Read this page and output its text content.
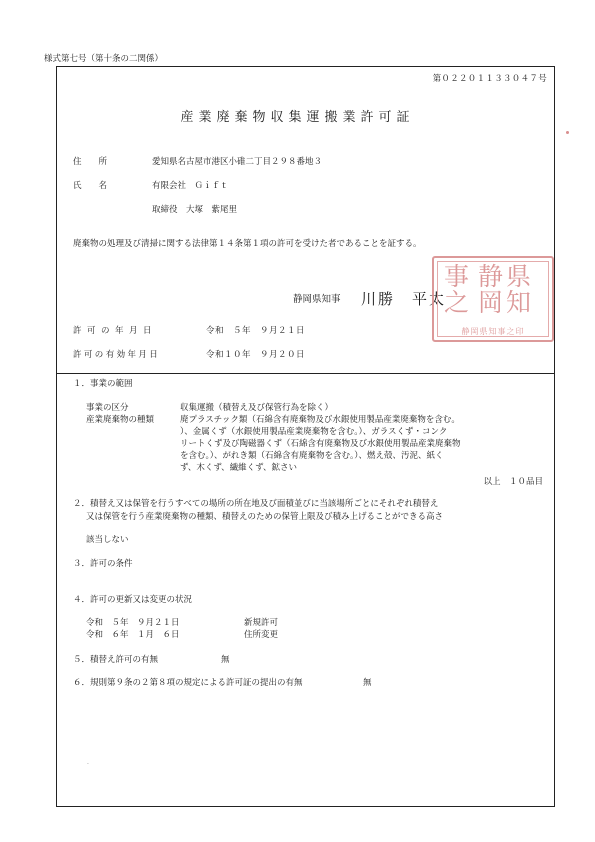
様式第七号（第十条の二関係）
第０２２０１１３３０４７号
産業廃棄物収集運搬業許可証
住　　所	愛知県名古屋市港区小碓二丁目２９８番地３
氏　　名	有限会社　Ｇｉｆｔ
取締役　大塚　紫尾里
廃棄物の処理及び清掃に関する法律第１４条第１項の許可を受けた者であることを証する。
静岡県知事 川勝　平太
静
岡
県
知
事
之
静岡県知事之印
許可の年月日	令和　５年　９月２１日
許可の有効年月日	令和１０年　９月２０日
１．事業の範囲
事業の区分	収集運搬（積替え及び保管行為を除く）
産業廃棄物の種類	廃プラスチック類（石綿含有廃棄物及び水銀使用製品産業廃棄物を含む。
）、金属くず（水銀使用製品産業廃棄物を含む。）、ガラスくず・コンク
リートくず及び陶磁器くず（石綿含有廃棄物及び水銀使用製品産業廃棄物
を含む。）、がれき類（石綿含有廃棄物を含む。）、燃え殻、汚泥、紙く
ず、木くず、繊維くず、鉱さい
以上　１０品目
２．積替え又は保管を行うすべての場所の所在地及び面積並びに当該場所ごとにそれぞれ積替え
又は保管を行う産業廃棄物の種類、積替えのための保管上限及び積み上げることができる高さ
該当しない
３．許可の条件
４．許可の更新又は変更の状況
令和　５年　９月２１日	新規許可
令和　６年　１月　６日	住所変更
５．積替え許可の有無	無
６．規則第９条の２第８項の規定による許可証の提出の有無	無
·
